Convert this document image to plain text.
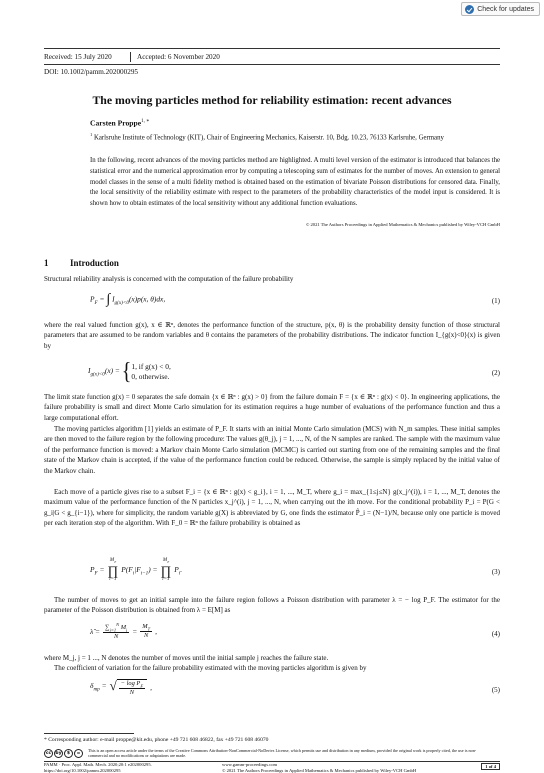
Check for updates
Received: 15 July 2020	Accepted: 6 November 2020
DOI: 10.1002/pamm.202000295
The moving particles method for reliability estimation: recent advances
Carsten Proppe$^{1, ∗}$
$^1$ Karlsruhe Institute of Technology (KIT), Chair of Engineering Mechanics, Kaiserstr. 10, Bdg. 10.23, 76133 Karlsruhe, Germany
In the following, recent advances of the moving particles method are highlighted. A multi level version of the estimator is introduced that balances the statistical error and the numerical approximation error by computing a telescoping sum of estimates for the number of moves. An extension to general model classes in the sense of a multi fidelity method is obtained based on the estimation of bivariate Poisson distributions for censored data. Finally, the local sensitivity of the reliability estimate with respect to the parameters of the probability characteristics of the model input is considered. It is shown how to obtain estimates of the local sensitivity without any additional function evaluations.
© 2021 The Authors Proceedings in Applied Mathematics & Mechanics published by Wiley-VCH GmbH
1 Introduction
Structural reliability analysis is concerned with the computation of the failure probability
$P_F$ = ∫ $I_{g(x)<0}(x)p(x$, θ)dx,	(1)
where the real valued function g(x), x ∈ ℝⁿ, denotes the performance function of the structure, p(x, θ) is the probability density function of those structural parameters that are assumed to be random variables and θ contains the parameters of the probability distributions. The indicator function I_{g(x)<0}(x) is given by
$I_{g(x)<0}(x)$ = { 1, if g(x) < 0,
0, otherwise.	(2)
The limit state function g(x) = 0 separates the safe domain {x ∈ ℝⁿ : g(x) > 0} from the failure domain F = {x ∈ ℝⁿ : g(x) < 0}. In engineering applications, the failure probability is small and direct Monte Carlo simulation for its estimation requires a huge number of evaluations of the performance function and thus a large computational effort.
The moving particles algorithm [1] yields an estimate of P_F. It starts with an initial Monte Carlo simulation (MCS) with N_m samples. These initial samples are then moved to the failure region by the following procedure: The values g(θ_j), j = 1, ..., N, of the N samples are ranked. The sample with the maximum value of the performance function is moved: a Markov chain Monte Carlo simulation (MCMC) is carried out starting from one of the remaining samples and the final state of the Markov chain is accepted, if the value of the performance function could be reduced. Otherwise, the sample is simply replaced by the initial value of the Markov chain.
Each move of a particle gives rise to a subset F_i = {x ∈ ℝⁿ : g(x) < g_i}, i = 1, ..., M_T, where g_i = max_{1≤j≤N} g(x_j^(i)), i = 1, ..., M_T, denotes the maximum value of the performance function of the N particles x_j^(i), j = 1, ..., N, when carrying out the ith move. For the conditional probability P_i = P(G < g_i|G < g_{i−1}), where for simplicity, the random variable g(X) is abbreviated by G, one finds the estimator P̂_i = (N−1)/N, because only one particle is moved per each iteration step of the algorithm. With F_0 = ℝⁿ the failure probability is obtained as
$P_F$ =
$M_T$
∏
i=1
$P(F_i|F_{i-1})$ =
$M_T$
∏
i=1
$P_i$.	(3)
The number of moves to get an initial sample into the failure region follows a Poisson distribution with parameter λ = − log P_F. The estimator for the parameter of the Poisson distribution is obtained from λ = E[M] as
λ̂ = $\frac{\sum_{j=1}^N M_j}{N} = \frac{M_T}{N}$ ,	(4)
where M_j, j = 1 ..., N denotes the number of moves until the initial sample j reaches the failure state.
The coefficient of variation for the failure probability estimated with the moving particles algorithm is given by
$\delta_{mp}$ = √ $\frac{- \log P_F}{N}$ ,	(5)
* Corresponding author: e-mail proppe@kit.edu, phone +49 721 608 46822, fax +49 721 608 46070
cc by	$	=
This is an open access article under the terms of the Creative Commons Attribution-NonCommercial-NoDerivs License, which permits use and distribution in any medium, provided the original work is properly cited, the use is non-commercial and no modifications or adaptations are made.
PAMM · Proc. Appl. Math. Mech. 2020;20:1 e202000295.
https://doi.org/10.1002/pamm.202000295
www.gamm-proceedings.com
© 2021 The Authors Proceedings in Applied Mathematics & Mechanics published by Wiley-VCH GmbH
1 of 4
